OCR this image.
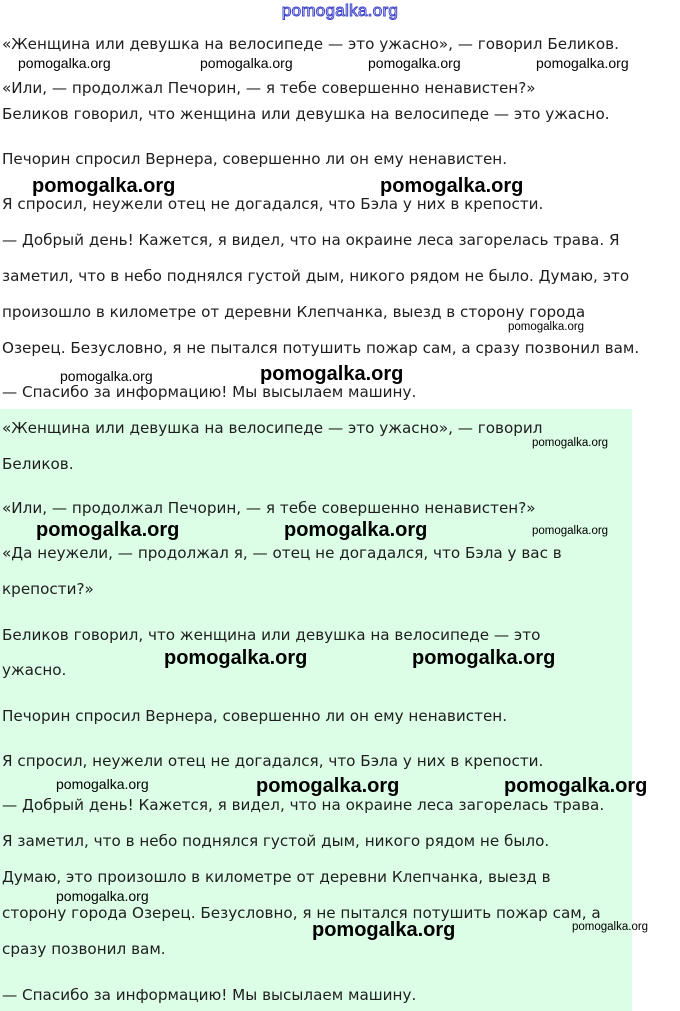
pomogalka.org

«Женщина или девушка на велосипеде — это ужасно», — говорил Беликов.

«Или, — продолжал Печорин, — я тебе совершенно ненавистен?»

Беликов говорил, что женщина или девушка на велосипеде — это ужасно.

Печорин спросил Вернера, совершенно ли он ему ненавистен.

Я спросил, неужели отец не догадался, что Бэла у них в крепости.

— Добрый день! Кажется, я видел, что на окраине леса загорелась трава. Я

заметил, что в небо поднялся густой дым, никого рядом не было. Думаю, это

произошло в километре от деревни Клепчанка, выезд в сторону города

Озерец. Безусловно, я не пытался потушить пожар сам, а сразу позвонил вам.

— Спасибо за информацию! Мы высылаем машину.

«Женщина или девушка на велосипеде — это ужасно», — говорил

Беликов.

«Или, — продолжал Печорин, — я тебе совершенно ненавистен?»

«Да неужели, — продолжал я, — отец не догадался, что Бэла у вас в

крепости?»

Беликов говорил, что женщина или девушка на велосипеде — это

ужасно.

Печорин спросил Вернера, совершенно ли он ему ненавистен.

Я спросил, неужели отец не догадался, что Бэла у них в крепости.

— Добрый день! Кажется, я видел, что на окраине леса загорелась трава.

Я заметил, что в небо поднялся густой дым, никого рядом не было.

Думаю, это произошло в километре от деревни Клепчанка, выезд в

сторону города Озерец. Безусловно, я не пытался потушить пожар сам, а

сразу позвонил вам.

— Спасибо за информацию! Мы высылаем машину.

pomogalka.org	pomogalka.org	pomogalka.org	pomogalka.org
pomogalka.org	pomogalka.org
pomogalka.org
pomogalka.org	pomogalka.org
pomogalka.org
pomogalka.org	pomogalka.org	pomogalka.org
pomogalka.org	pomogalka.org
pomogalka.org	pomogalka.org	pomogalka.org
pomogalka.org
pomogalka.org	pomogalka.org
